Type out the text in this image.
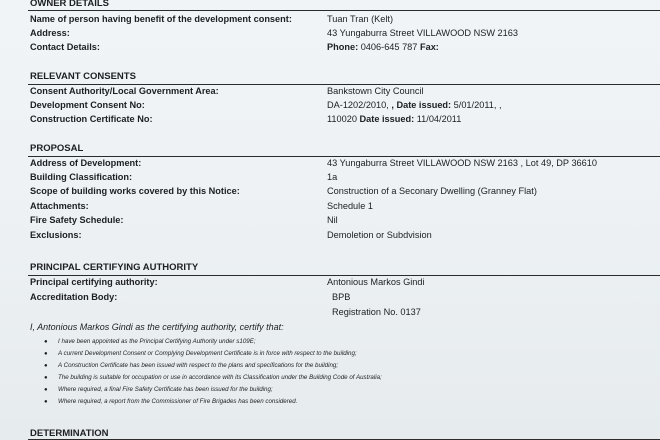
OWNER DETAILS
Name of person having benefit of the development consent:	Tuan Tran (Kelt)
Address:	43 Yungaburra Street VILLAWOOD NSW 2163
Contact Details:	Phone: 0406-645 787 Fax:
RELEVANT CONSENTS
Consent Authority/Local Government Area:	Bankstown City Council
Development Consent No:	DA-1202/2010, , Date issued: 5/01/2011, ,
Construction Certificate No:	110020 Date issued: 11/04/2011
PROPOSAL
Address of Development:	43 Yungaburra Street VILLAWOOD NSW 2163 , Lot 49, DP 36610
Building Classification:	1a
Scope of building works covered by this Notice:	Construction of a Seconary Dwelling (Granney Flat)
Attachments:	Schedule 1
Fire Safety Schedule:	Nil
Exclusions:	Demoletion or Subdvision
PRINCIPAL CERTIFYING AUTHORITY
Principal certifying authority:	Antonious Markos Gindi
Accreditation Body:	BPB
Registration No. 0137
I, Antonious Markos Gindi as the certifying authority, certify that:
● I have been appointed as the Principal Certifying Authority under s109E;
● A current Development Consent or Complying Development Certificate is in force with respect to the building;
● A Construction Certificate has been issued with respect to the plans and specifications for the building;
● The building is suitable for occupation or use in accordance with its Classification under the Building Code of Australia;
● Where required, a final Fire Safety Certificate has been issued for the building;
● Where required, a report from the Commissioner of Fire Brigades has been considered.
DETERMINATION
